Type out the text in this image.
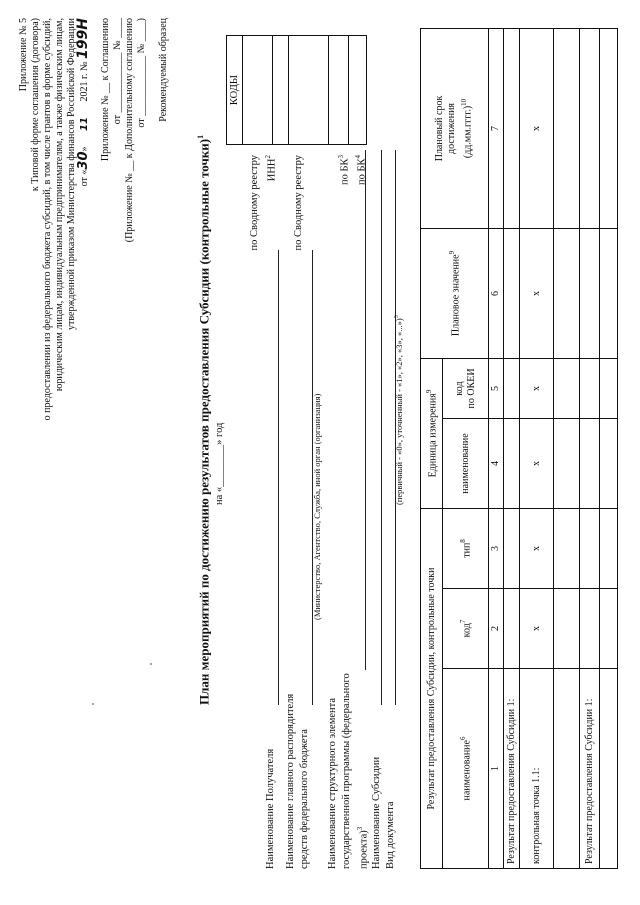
Приложение № 5 к Типовой форме соглашения (договора) о предоставлении из федерального бюджета субсидий, в том числе грантов в форме субсидий, юридическим лицам, индивидуальным предпринимателям, а также физическим лицам, утвержденной приказом Министерства финансов Российской Федерации от «30» 11 2021 г. № 199Н Приложение № __ к Соглашению от ____________ № ____ (Приложение № __ к Дополнительному соглашению от ____________ № ____) Рекомендуемый образец
План мероприятий по достижению результатов предоставления Субсидии (контрольные точки)$^1$
на «________» год
КОДЫ

Наименование Получателя Наименование главного распорядителя средств федерального бюджета
(Министерство, Агентство, Служба, иной орган (организация)
Наименование структурного элемента государственной программы (федерального проекта)$^3$ Наименование Субсидии Вид документа
(первичный - «0», уточненный - «1», «2», «3», «...»)$^5$
по Сводному реестру ИНН$^2$	по Сводному реестру	по $БК^3$
по $БК^4$
Результат предоставления Субсидии, контрольные точки			Единица измерения$^9$		Плановое значение$^9$	Плановый срок
достижения (дд.мм.гггг.)$^{10}$
наименование$^6$	код$^7$	тип$^8$	наименование	код
по ОКЕИ		
1	2	3	4	5	6	7
Результат предоставления Субсидии 1:						
контрольная точка 1.1:	x	x	x	x	x	x

Результат предоставления Субсидии 1:						
